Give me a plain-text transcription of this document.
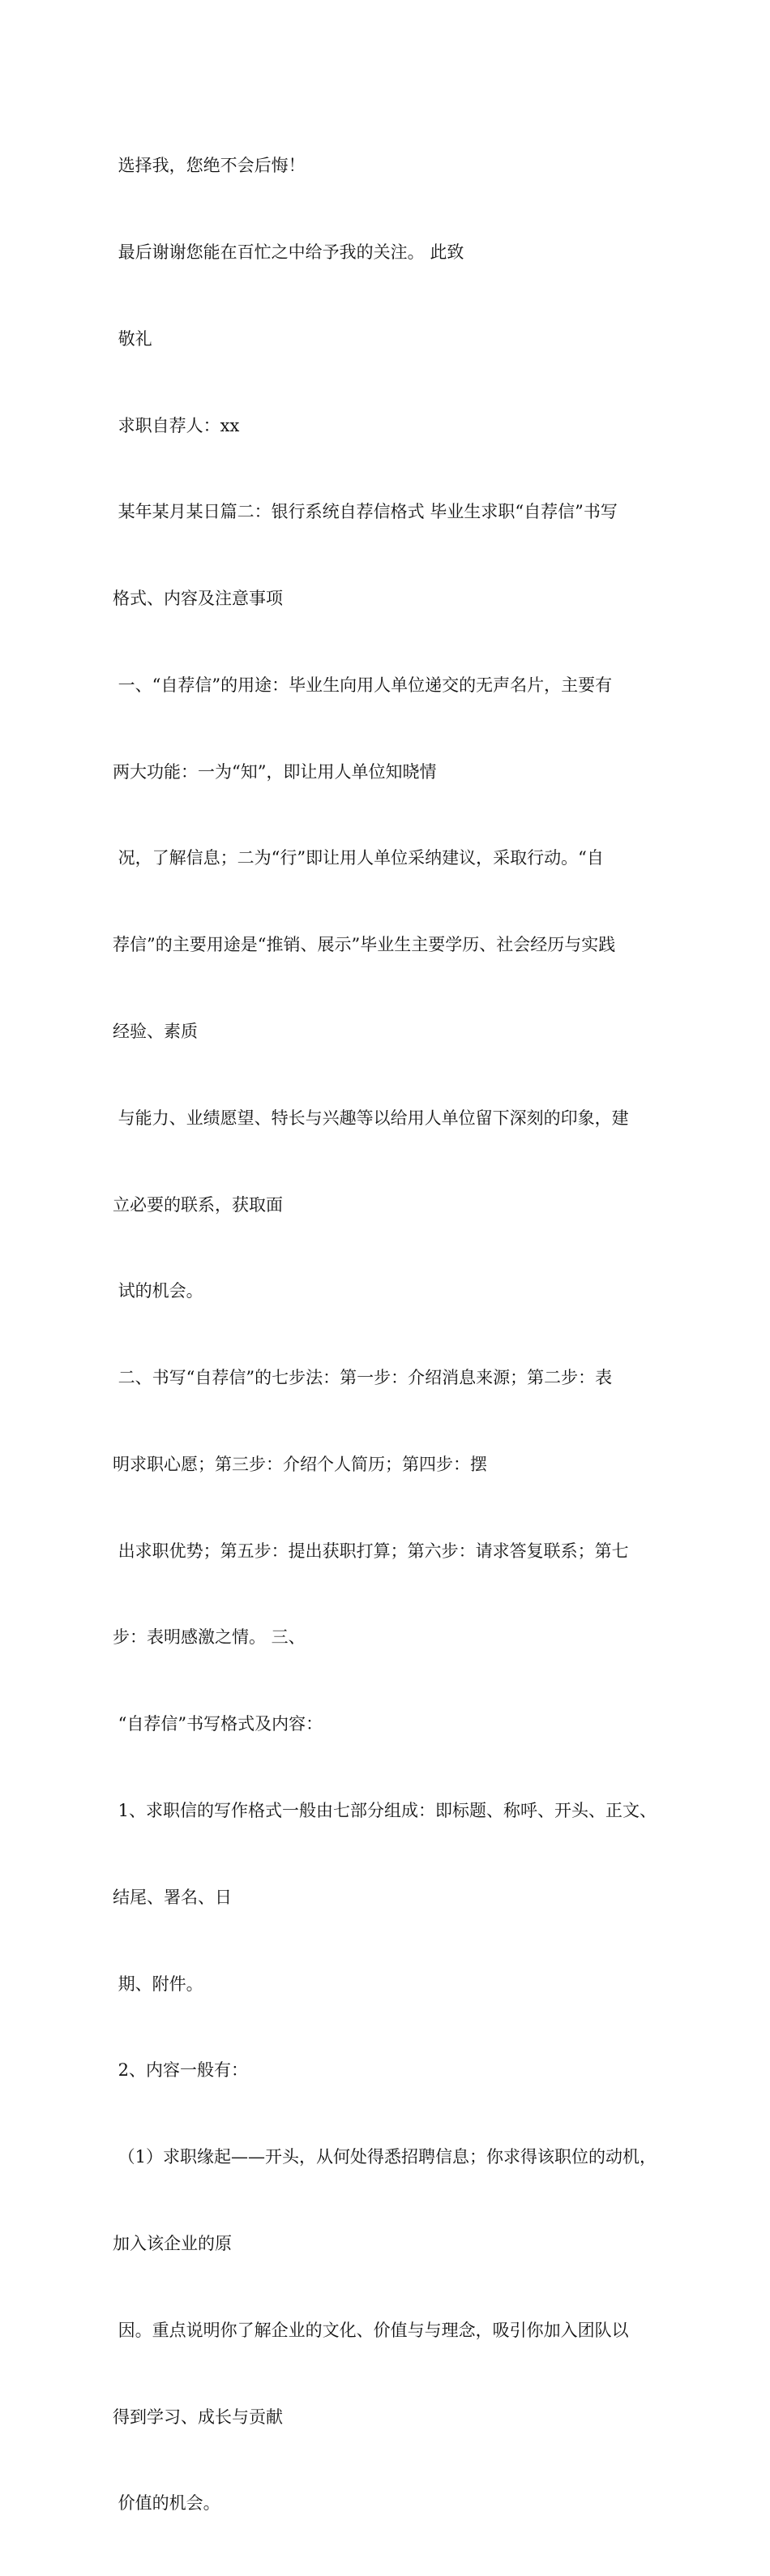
选择我，您绝不会后悔！

最后谢谢您能在百忙之中给予我的关注。 此致

敬礼

求职自荐人：xx

某年某月某日篇二：银行系统自荐信格式 毕业生求职“自荐信”书写

格式、内容及注意事项

一、“自荐信”的用途：毕业生向用人单位递交的无声名片，主要有

两大功能：一为“知”，即让用人单位知晓情

况，了解信息；二为“行”即让用人单位采纳建议，采取行动。“自

荐信”的主要用途是“推销、展示”毕业生主要学历、社会经历与实践

经验、素质

与能力、业绩愿望、特长与兴趣等以给用人单位留下深刻的印象，建

立必要的联系，获取面

试的机会。

二、书写“自荐信”的七步法：第一步：介绍消息来源；第二步：表

明求职心愿；第三步：介绍个人简历；第四步：摆

出求职优势；第五步：提出获职打算；第六步：请求答复联系；第七

步：表明感激之情。 三、

“自荐信”书写格式及内容：

1、求职信的写作格式一般由七部分组成：即标题、称呼、开头、正文、

结尾、署名、日

期、附件。

2、内容一般有：

（1）求职缘起——开头，从何处得悉招聘信息；你求得该职位的动机，

加入该企业的原

因。重点说明你了解企业的文化、价值与与理念，吸引你加入团队以

得到学习、成长与贡献

价值的机会。
